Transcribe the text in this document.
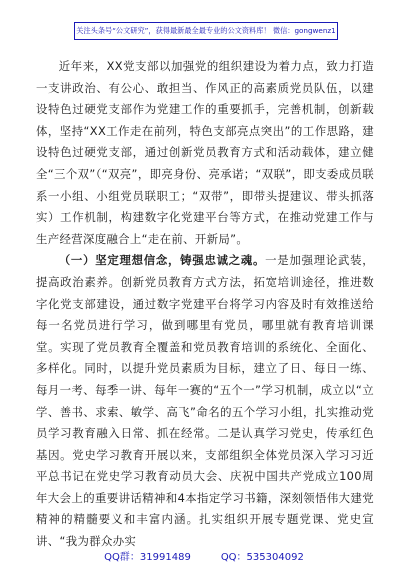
关注头条号“公文研究”，获得最新最全最专业的公文资料库！ 微信：gongwenz1

近年来，XX党支部以加强党的组织建设为着力点，致力打造一支讲政治、有公心、敢担当、作风正的高素质党员队伍，以建设特色过硬党支部作为党建工作的重要抓手，完善机制，创新载体，坚持“XX工作走在前列，特色支部亮点突出”的工作思路，建设特色过硬党支部，通过创新党员教育方式和活动载体，建立健全“三个双”（“双亮”，即亮身份、亮承诺；“双联”，即支委成员联系一小组、小组党员联职工；“双带”，即带头提建议、带头抓落实）工作机制，构建数字化党建平台等方式，在推动党建工作与生产经营深度融合上“走在前、开新局”。

（一）坚定理想信念，铸强忠诚之魂。一是加强理论武装，提高政治素养。创新党员教育方式方法，拓宽培训途径，推进数字化党支部建设，通过数字党建平台将学习内容及时有效推送给每一名党员进行学习，做到哪里有党员，哪里就有教育培训课堂。实现了党员教育全覆盖和党员教育培训的系统化、全面化、多样化。同时，以提升党员素质为目标，建立了日、每日一练、每月一考、每季一讲、每年一赛的“五个一”学习机制，成立以“立学、善书、求索、敏学、高飞”命名的五个学习小组，扎实推动党员学习教育融入日常、抓在经常。二是认真学习党史，传承红色基因。党史学习教育开展以来，支部组织全体党员深入学习习近平总书记在党史学习教育动员大会、庆祝中国共产党成立100周年大会上的重要讲话精神和4本指定学习书籍，深刻领悟伟大建党精神的精髓要义和丰富内涵。扎实组织开展专题党课、党史宣讲、“我为群众办实

QQ群：31991489	QQ：535304092
